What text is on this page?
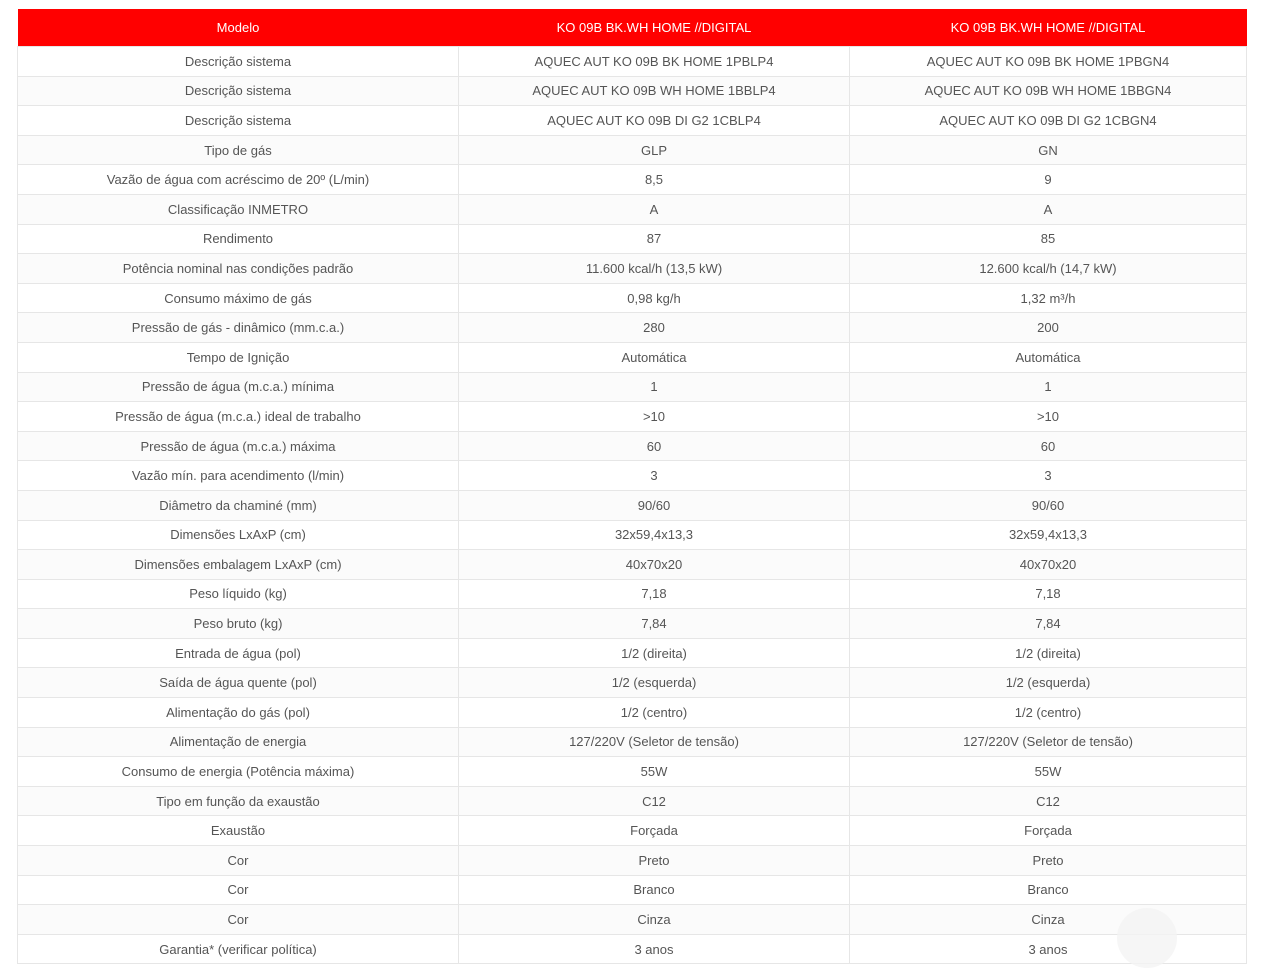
Modelo	KO 09B BK.WH HOME //DIGITAL	KO 09B BK.WH HOME //DIGITAL
Descrição sistema	AQUEC AUT KO 09B BK HOME 1PBLP4	AQUEC AUT KO 09B BK HOME 1PBGN4
Descrição sistema	AQUEC AUT KO 09B WH HOME 1BBLP4	AQUEC AUT KO 09B WH HOME 1BBGN4
Descrição sistema	AQUEC AUT KO 09B DI G2 1CBLP4	AQUEC AUT KO 09B DI G2 1CBGN4
Tipo de gás	GLP	GN
Vazão de água com acréscimo de 20º (L/min)	8,5	9
Classificação INMETRO	A	A
Rendimento	87	85
Potência nominal nas condições padrão	11.600 kcal/h (13,5 kW)	12.600 kcal/h (14,7 kW)
Consumo máximo de gás	0,98 kg/h	1,32 m³/h
Pressão de gás - dinâmico (mm.c.a.)	280	200
Tempo de Ignição	Automática	Automática
Pressão de água (m.c.a.) mínima	1	1
Pressão de água (m.c.a.) ideal de trabalho	>10	>10
Pressão de água (m.c.a.) máxima	60	60
Vazão mín. para acendimento (l/min)	3	3
Diâmetro da chaminé (mm)	90/60	90/60
Dimensões LxAxP (cm)	32x59,4x13,3	32x59,4x13,3
Dimensões embalagem LxAxP (cm)	40x70x20	40x70x20
Peso líquido (kg)	7,18	7,18
Peso bruto (kg)	7,84	7,84
Entrada de água (pol)	1/2 (direita)	1/2 (direita)
Saída de água quente (pol)	1/2 (esquerda)	1/2 (esquerda)
Alimentação do gás (pol)	1/2 (centro)	1/2 (centro)
Alimentação de energia	127/220V (Seletor de tensão)	127/220V (Seletor de tensão)
Consumo de energia (Potência máxima)	55W	55W
Tipo em função da exaustão	C12	C12
Exaustão	Forçada	Forçada
Cor	Preto	Preto
Cor	Branco	Branco
Cor	Cinza	Cinza
Garantia* (verificar política)	3 anos	3 anos
